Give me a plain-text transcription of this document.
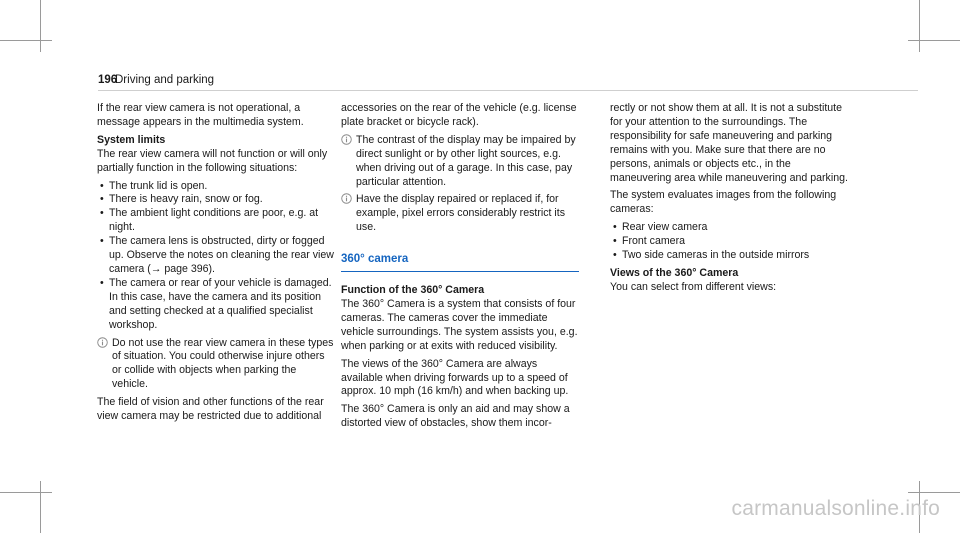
196
Driving and parking

If the rear view camera is not operational, a message appears in the multimedia system.

System limits

The rear view camera will not function or will only partially function in the following situations:

• The trunk lid is open.
• There is heavy rain, snow or fog.
• The ambient light conditions are poor, e.g. at night.
• The camera lens is obstructed, dirty or fogged up. Observe the notes on cleaning the rear view camera (→ page 396).
• The camera or rear of your vehicle is damaged. In this case, have the camera and its position and setting checked at a qualified specialist workshop.
Do not use the rear view camera in these types of situation. You could otherwise injure others or collide with objects when parking the vehicle.

The field of vision and other functions of the rear view camera may be restricted due to additional

accessories on the rear of the vehicle (e.g. license plate bracket or bicycle rack).

The contrast of the display may be impaired by direct sunlight or by other light sources, e.g. when driving out of a garage. In this case, pay particular attention.
Have the display repaired or replaced if, for example, pixel errors considerably restrict its use.
360° camera
Function of the 360° Camera

The 360° Camera is a system that consists of four cameras. The cameras cover the immediate vehicle surroundings. The system assists you, e.g. when parking or at exits with reduced visibility.

The views of the 360° Camera are always available when driving forwards up to a speed of approx. 10 mph (16 km/h) and when backing up.

The 360° Camera is only an aid and may show a distorted view of obstacles, show them incor-

rectly or not show them at all. It is not a substitute for your attention to the surroundings. The responsibility for safe maneuvering and parking remains with you. Make sure that there are no persons, animals or objects etc., in the maneuvering area while maneuvering and parking.

The system evaluates images from the following cameras:

• Rear view camera
• Front camera
• Two side cameras in the outside mirrors
Views of the 360° Camera

You can select from different views:

carmanualsonline.info
